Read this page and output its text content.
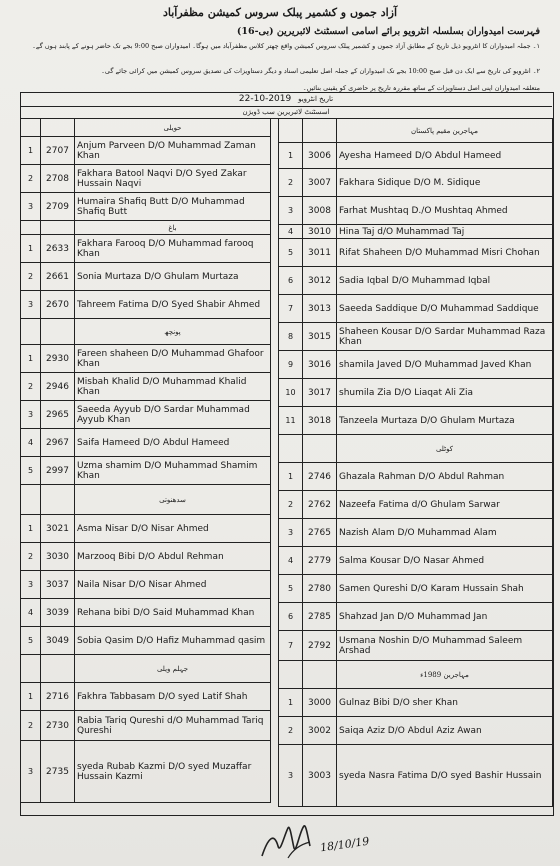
آزاد جموں و کشمیر پبلک سروس کمیشن مظفرآباد
فہرست امیدواران بسلسلہ انٹرویو برائے اسامی اسسٹنٹ لائبریرین (بی-16)
۱۔ جملہ امیدواران کا انٹرویو ذیل تاریخ کے مطابق آزاد جموں و کشمیر پبلک سروس کمیشن واقع چھتر کلاس مظفرآباد میں ہوگا۔ امیدواران صبح 9:00 بجے تک حاضر ہونے کے پابند ہوں گے۔
۲۔ انٹرویو کی تاریخ سے ایک دن قبل صبح 10:00 بجے تک امیدواران کے جملہ اصل تعلیمی اسناد و دیگر دستاویزات کی تصدیق سروس کمیشن میں کرائی جائے گی۔
متعلقہ امیدواران اپنی اصل دستاویزات کے ساتھ مقررہ تاریخ پر حاضری کو یقینی بنائیں۔
22-10-2019 تاریخ انٹرویو
اسسٹنٹ لائبریرین سب ڈویژن
		حویلی
1	2707	Anjum Parveen D/O Muhammad Zaman Khan
2	2708	Fakhara Batool Naqvi D/O Syed Zakar Hussain Naqvi
3	2709	Humaira Shafiq Butt D/O Muhammad Shafiq Butt
		باغ
1	2633	Fakhara Farooq D/O Muhammad farooq Khan
2	2661	Sonia Murtaza D/O Ghulam Murtaza
3	2670	Tahreem Fatima D/O Syed Shabir Ahmed
		پونچھ
1	2930	Fareen shaheen D/O Muhammad Ghafoor Khan
2	2946	Misbah Khalid D/O Muhammad Khalid Khan
3	2965	Saeeda Ayyub D/O Sardar Muhammad Ayyub Khan
4	2967	Saifa Hameed D/O Abdul Hameed
5	2997	Uzma shamim D/O Muhammad Shamim Khan
		سدھنوتی
1	3021	Asma Nisar D/O Nisar Ahmed
2	3030	Marzooq Bibi D/O Abdul Rehman
3	3037	Naila Nisar D/O Nisar Ahmed
4	3039	Rehana bibi D/O Said Muhammad Khan
5	3049	Sobia Qasim D/O Hafiz Muhammad qasim
		جہلم ویلی
1	2716	Fakhra Tabbasam D/O syed Latif Shah
2	2730	Rabia Tariq Qureshi d/O Muhammad Tariq Qureshi
3	2735	syeda Rubab Kazmi D/O syed Muzaffar Hussain Kazmi
		مہاجرین مقیم پاکستان
1	3006	Ayesha Hameed D/O Abdul Hameed
2	3007	Fakhara Sidique D/O M. Sidique
3	3008	Farhat Mushtaq D./O Mushtaq Ahmed
4	3010	Hina Taj d/O Muhammad Taj
5	3011	Rifat Shaheen D/O Muhammad Misri Chohan
6	3012	Sadia Iqbal D/O Muhammad Iqbal
7	3013	Saeeda Saddique D/O Muhammad Saddique
8	3015	Shaheen Kousar D/O Sardar Muhammad Raza Khan
9	3016	shamila Javed D/O Muhammad Javed Khan
10	3017	shumila Zia D/O Liaqat Ali Zia
11	3018	Tanzeela Murtaza D/O Ghulam Murtaza
		کوٹلی
1	2746	Ghazala Rahman D/O Abdul Rahman
2	2762	Nazeefa Fatima d/O Ghulam Sarwar
3	2765	Nazish Alam D/O Muhammad Alam
4	2779	Salma Kousar D/O Nasar Ahmed
5	2780	Samen Qureshi D/O Karam Hussain Shah
6	2785	Shahzad Jan D/O Muhammad Jan
7	2792	Usmana Noshin D/O Muhammad Saleem Arshad
		مہاجرین 1989ء
1	3000	Gulnaz Bibi D/O sher Khan
2	3002	Saiqa Aziz D/O Abdul Aziz Awan
3	3003	syeda Nasra Fatima D/O syed Bashir Hussain
18/10/19
